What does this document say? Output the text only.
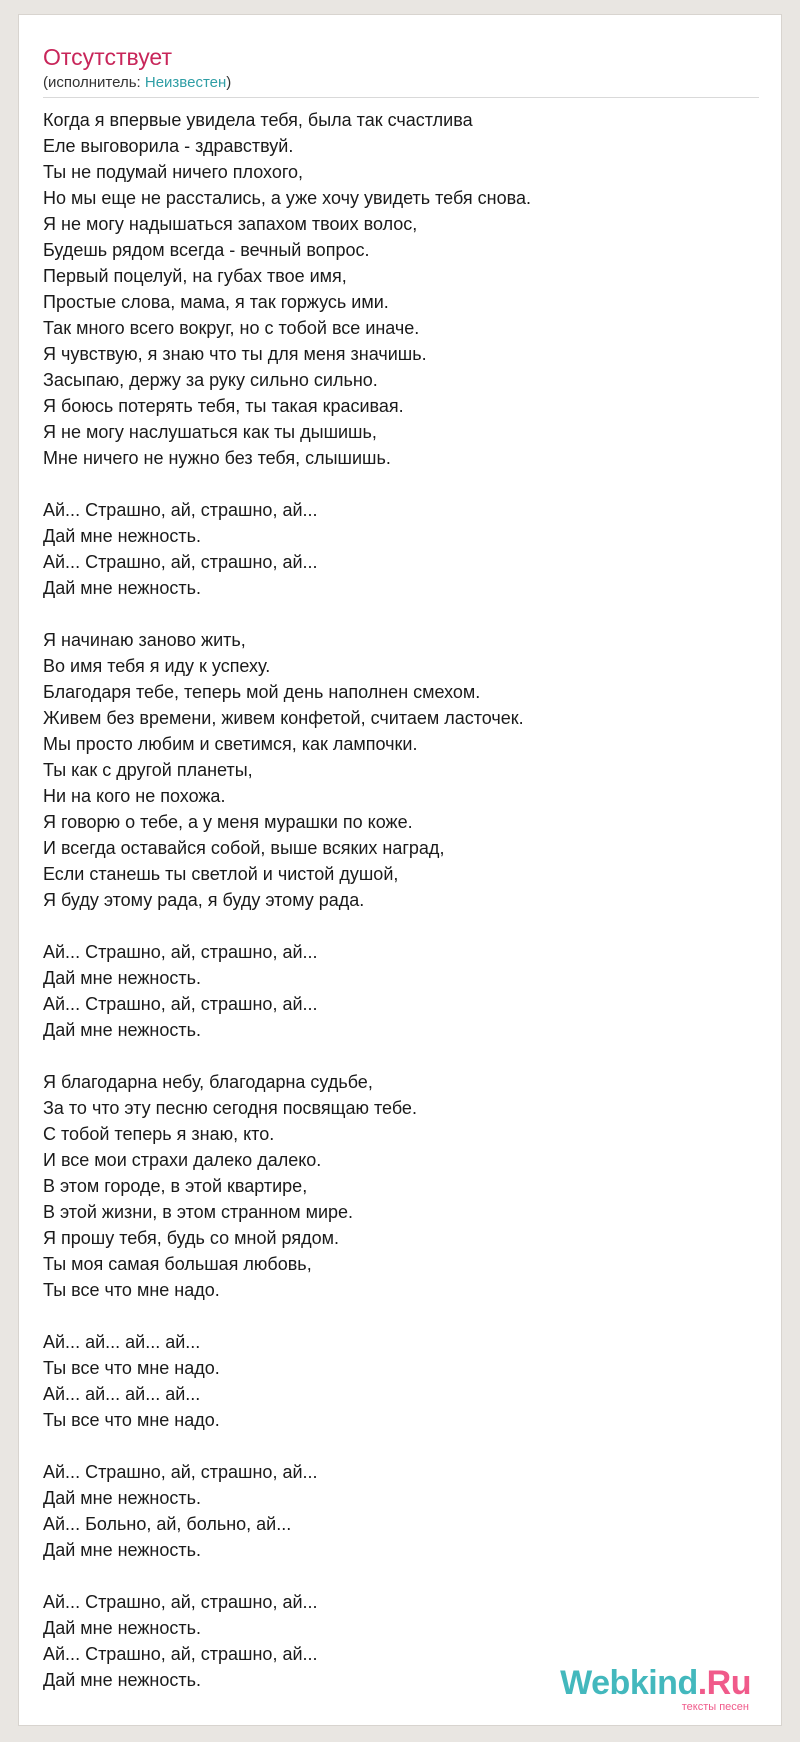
Отсутствует
(исполнитель: Неизвестен)
Когда я впервые увидела тебя, была так счастлива
Еле выговорила - здравствуй.
Ты не подумай ничего плохого,
Но мы еще не расстались, а уже хочу увидеть тебя снова.
Я не могу надышаться запахом твоих волос,
Будешь рядом всегда - вечный вопрос.
Первый поцелуй, на губах твое имя,
Простые слова, мама, я так горжусь ими.
Так много всего вокруг, но с тобой все иначе.
Я чувствую, я знаю что ты для меня значишь.
Засыпаю, держу за руку сильно сильно.
Я боюсь потерять тебя, ты такая красивая.
Я не могу наслушаться как ты дышишь,
Мне ничего не нужно без тебя, слышишь.
Ай... Страшно, ай, страшно, ай...
Дай мне нежность.
Ай... Страшно, ай, страшно, ай...
Дай мне нежность.
Я начинаю заново жить,
Во имя тебя я иду к успеху.
Благодаря тебе, теперь мой день наполнен смехом.
Живем без времени, живем конфетой, считаем ласточек.
Мы просто любим и светимся, как лампочки.
Ты как с другой планеты,
Ни на кого не похожа.
Я говорю о тебе, а у меня мурашки по коже.
И всегда оставайся собой, выше всяких наград,
Если станешь ты светлой и чистой душой,
Я буду этому рада, я буду этому рада.
Ай... Страшно, ай, страшно, ай...
Дай мне нежность.
Ай... Страшно, ай, страшно, ай...
Дай мне нежность.
Я благодарна небу, благодарна судьбе,
За то что эту песню сегодня посвящаю тебе.
С тобой теперь я знаю, кто.
И все мои страхи далеко далеко.
В этом городе, в этой квартире,
В этой жизни, в этом странном мире.
Я прошу тебя, будь со мной рядом.
Ты моя самая большая любовь,
Ты все что мне надо.
Ай... ай... ай... ай...
Ты все что мне надо.
Ай... ай... ай... ай...
Ты все что мне надо.
Ай... Страшно, ай, страшно, ай...
Дай мне нежность.
Ай... Больно, ай, больно, ай...
Дай мне нежность.
Ай... Страшно, ай, страшно, ай...
Дай мне нежность.
Ай... Страшно, ай, страшно, ай...
Дай мне нежность.	Webkind.Ru
тексты песен
